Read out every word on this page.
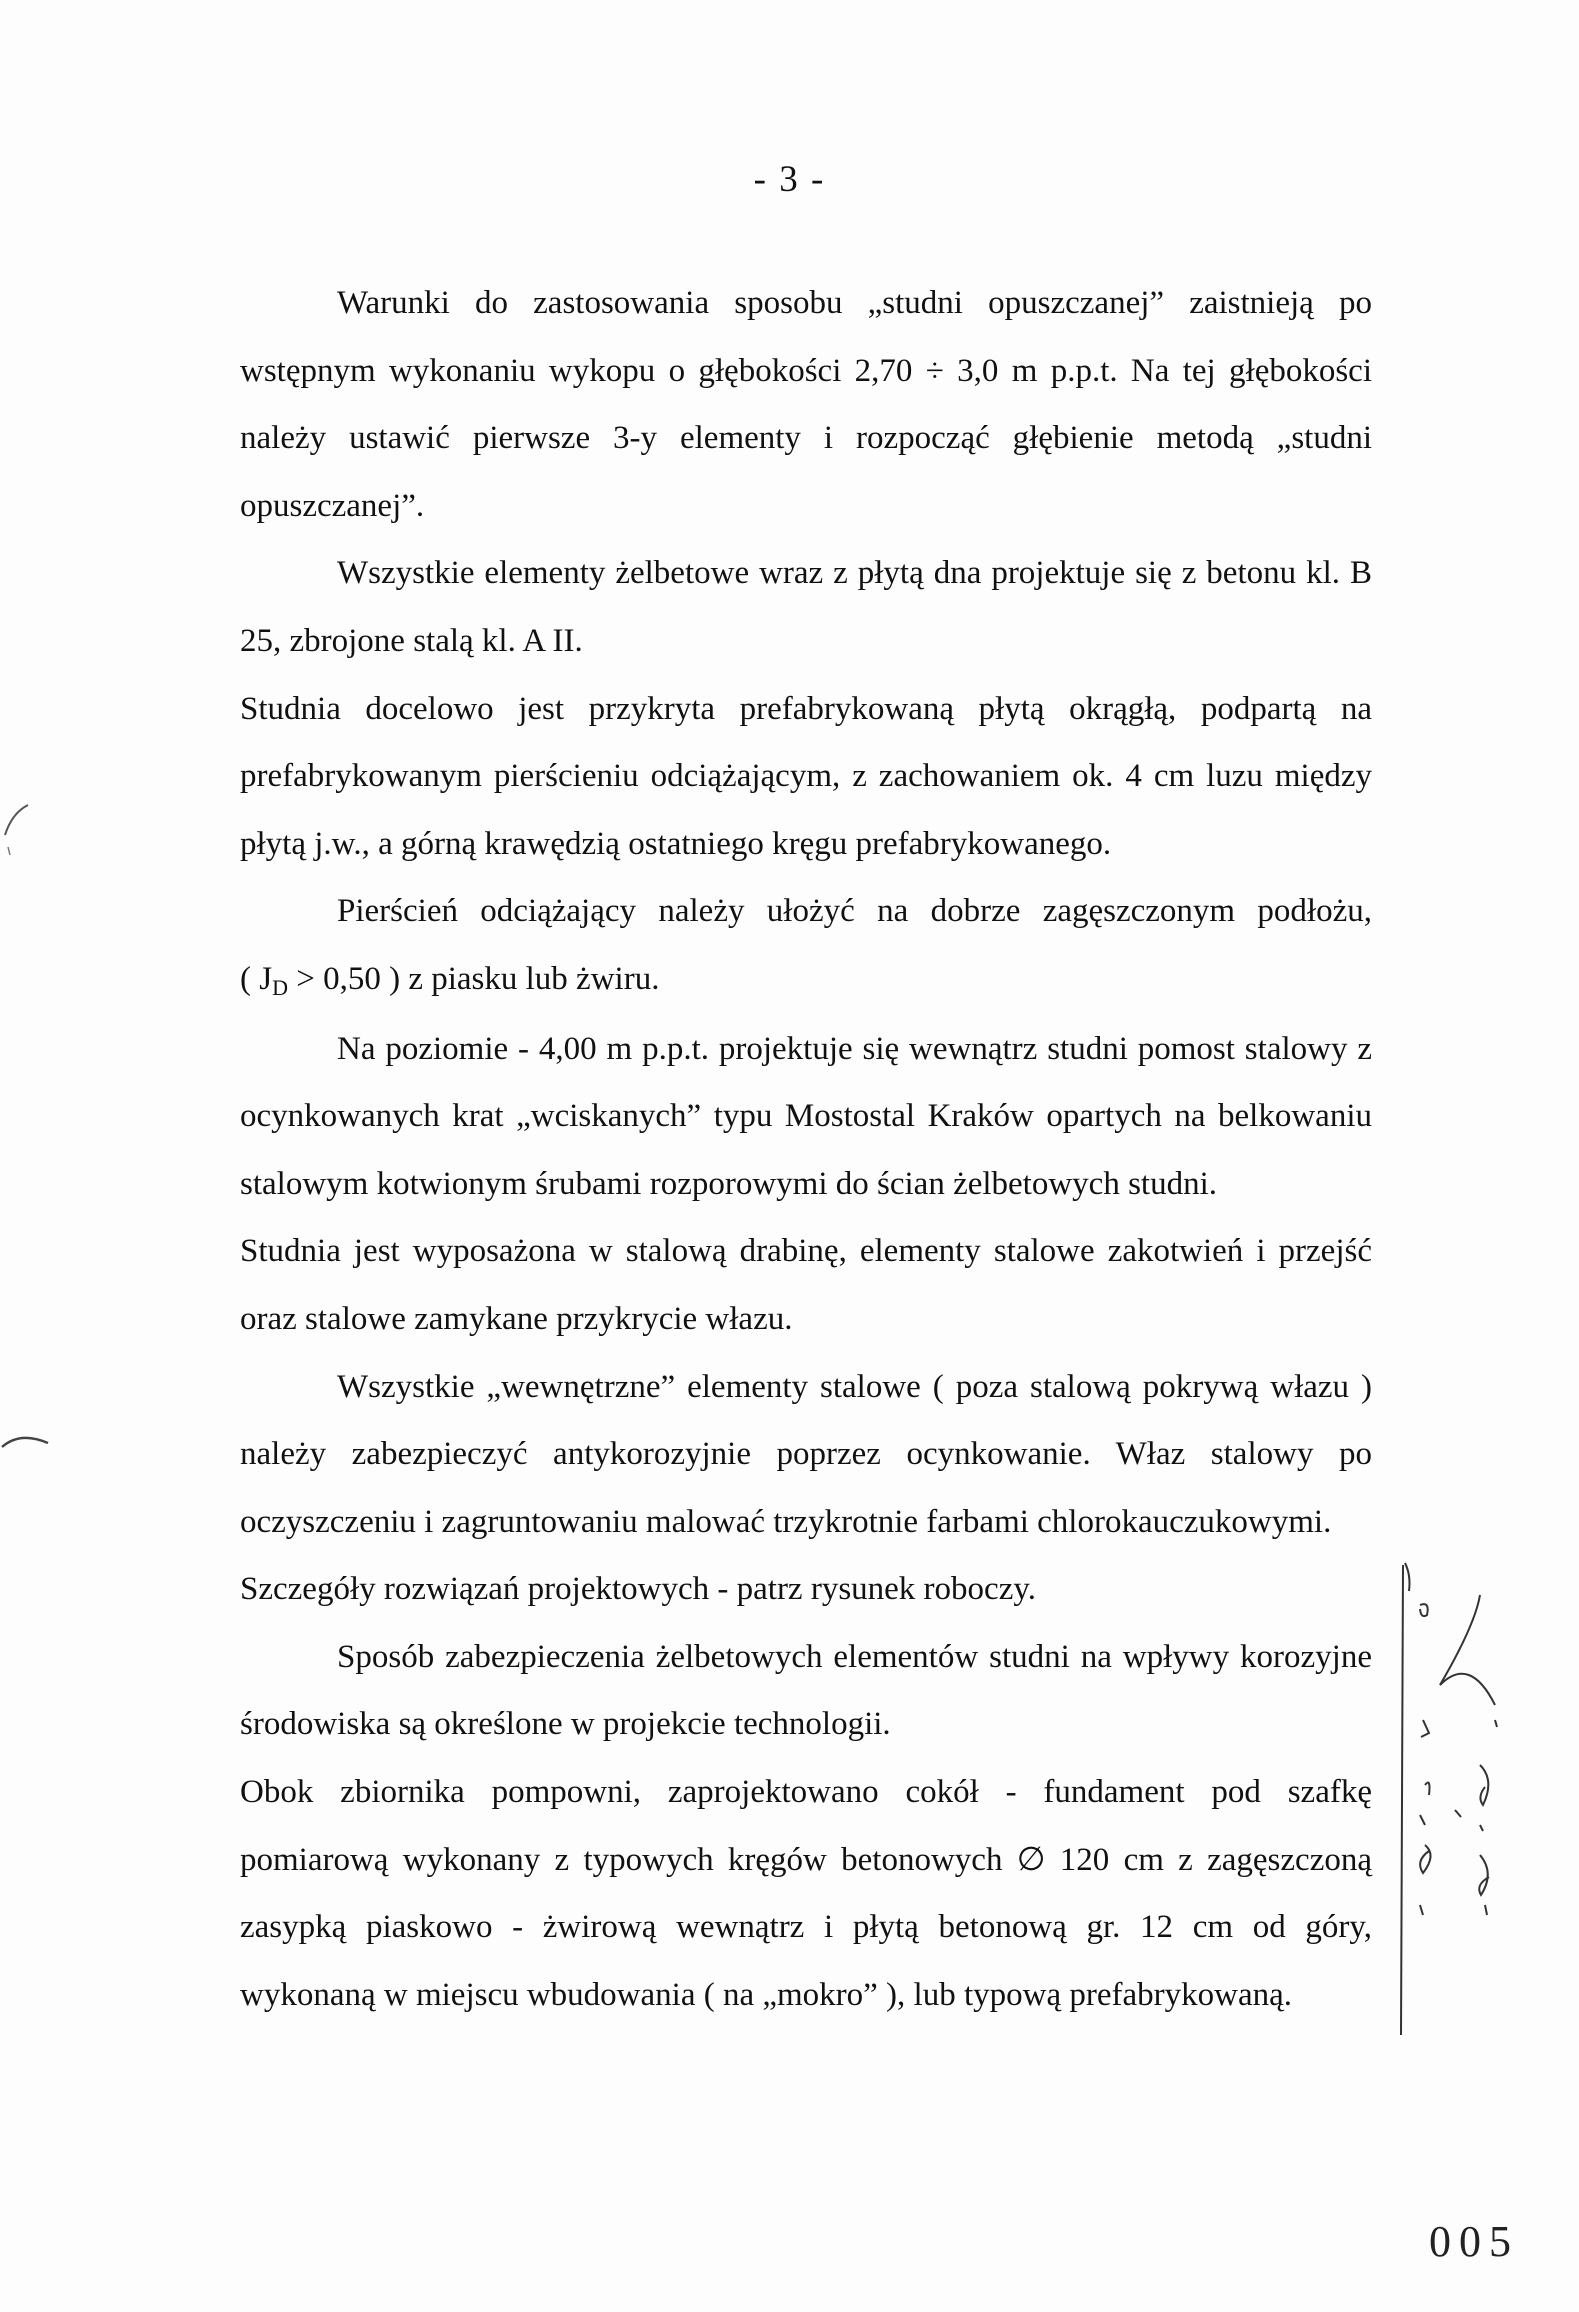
- 3 -

Warunki do zastosowania sposobu „studni opuszczanej” zaistnieją po wstępnym wykonaniu wykopu o głębokości 2,70 ÷ 3,0 m p.p.t. Na tej głębokości należy ustawić pierwsze 3-y elementy i rozpocząć głębienie metodą „studni opuszczanej”.

Wszystkie elementy żelbetowe wraz z płytą dna projektuje się z betonu kl. B 25, zbrojone stalą kl. A II.

Studnia docelowo jest przykryta prefabrykowaną płytą okrągłą, podpartą na prefabrykowanym pierścieniu odciążającym, z zachowaniem ok. 4 cm luzu między płytą j.w., a górną krawędzią ostatniego kręgu prefabrykowanego.

Pierścień odciążający należy ułożyć na dobrze zagęszczonym podłożu,

( JD > 0,50 ) z piasku lub żwiru.

Na poziomie - 4,00 m p.p.t. projektuje się wewnątrz studni pomost stalowy z ocynkowanych krat „wciskanych” typu Mostostal Kraków opartych na belkowaniu stalowym kotwionym śrubami rozporowymi do ścian żelbetowych studni.

Studnia jest wyposażona w stalową drabinę, elementy stalowe zakotwień i przejść oraz stalowe zamykane przykrycie włazu.

Wszystkie „wewnętrzne” elementy stalowe ( poza stalową pokrywą włazu ) należy zabezpieczyć antykorozyjnie poprzez ocynkowanie. Właz stalowy po oczyszczeniu i zagruntowaniu malować trzykrotnie farbami chlorokauczukowymi.

Szczegóły rozwiązań projektowych - patrz rysunek roboczy.

Sposób zabezpieczenia żelbetowych elementów studni na wpływy korozyjne środowiska są określone w projekcie technologii.

Obok zbiornika pompowni, zaprojektowano cokół - fundament pod szafkę pomiarową wykonany z typowych kręgów betonowych ∅ 120 cm z zagęszczoną zasypką piaskowo - żwirową wewnątrz i płytą betonową gr. 12 cm od góry, wykonaną w miejscu wbudowania ( na „mokro” ), lub typową prefabrykowaną.

005
